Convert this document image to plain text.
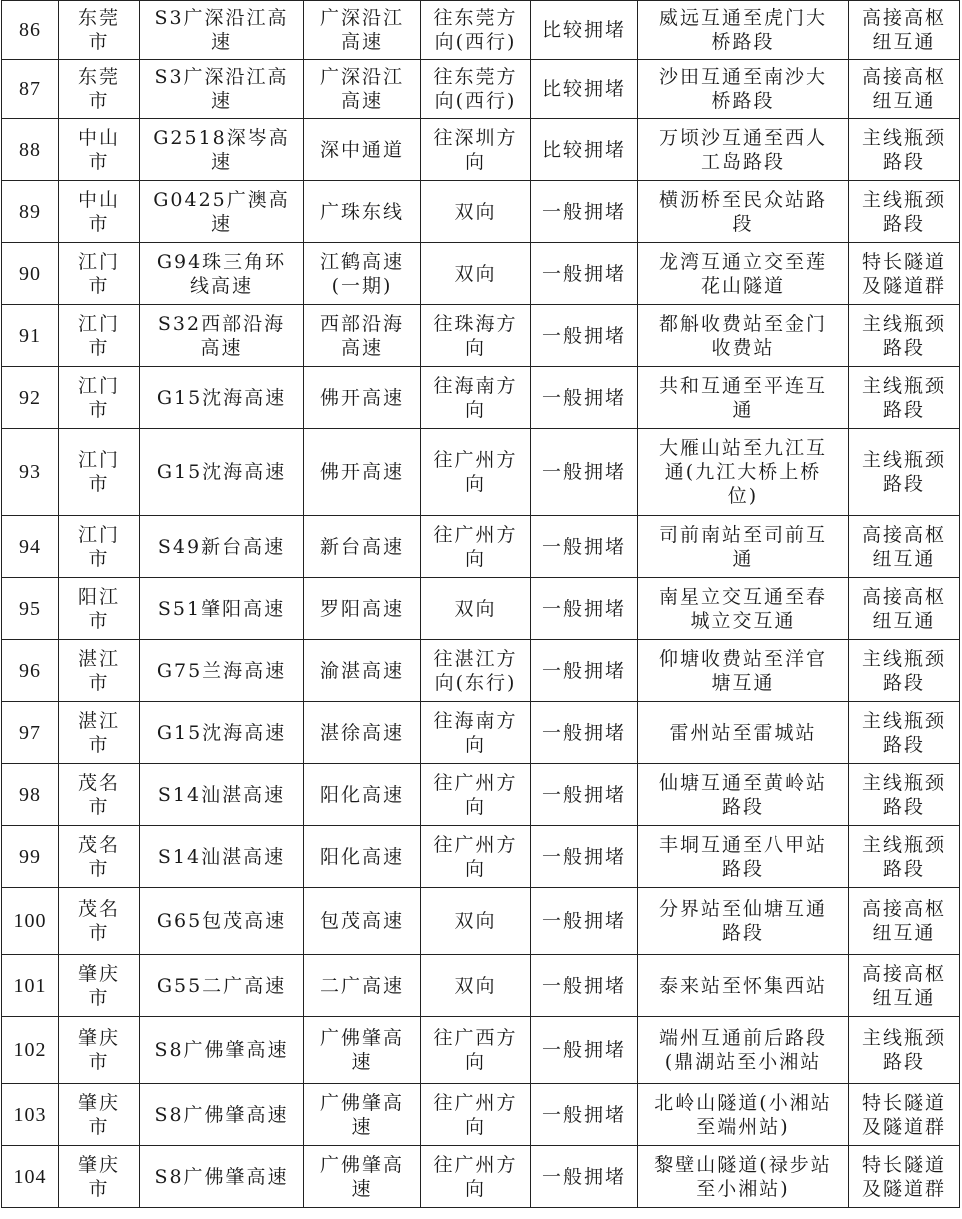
86	东莞市	S3广深沿江高速	广深沿江高速	往东莞方向(西行)	比较拥堵	威远互通至虎门大桥路段	高接高枢纽互通
87	东莞市	S3广深沿江高速	广深沿江高速	往东莞方向(西行)	比较拥堵	沙田互通至南沙大桥路段	高接高枢纽互通
88	中山市	G2518深岑高速	深中通道	往深圳方向	比较拥堵	万顷沙互通至西人工岛路段	主线瓶颈路段
89	中山市	G0425广澳高速	广珠东线	双向	一般拥堵	横沥桥至民众站路段	主线瓶颈路段
90	江门市	G94珠三角环线高速	江鹤高速(一期)	双向	一般拥堵	龙湾互通立交至莲花山隧道	特长隧道及隧道群
91	江门市	S32西部沿海高速	西部沿海高速	往珠海方向	一般拥堵	都斛收费站至金门收费站	主线瓶颈路段
92	江门市	G15沈海高速	佛开高速	往海南方向	一般拥堵	共和互通至平连互通	主线瓶颈路段
93	江门市	G15沈海高速	佛开高速	往广州方向	一般拥堵	大雁山站至九江互通(九江大桥上桥位)	主线瓶颈路段
94	江门市	S49新台高速	新台高速	往广州方向	一般拥堵	司前南站至司前互通	高接高枢纽互通
95	阳江市	S51肇阳高速	罗阳高速	双向	一般拥堵	南星立交互通至春城立交互通	高接高枢纽互通
96	湛江市	G75兰海高速	渝湛高速	往湛江方向(东行)	一般拥堵	仰塘收费站至洋官塘互通	主线瓶颈路段
97	湛江市	G15沈海高速	湛徐高速	往海南方向	一般拥堵	雷州站至雷城站	主线瓶颈路段
98	茂名市	S14汕湛高速	阳化高速	往广州方向	一般拥堵	仙塘互通至黄岭站路段	主线瓶颈路段
99	茂名市	S14汕湛高速	阳化高速	往广州方向	一般拥堵	丰垌互通至八甲站路段	主线瓶颈路段
100	茂名市	G65包茂高速	包茂高速	双向	一般拥堵	分界站至仙塘互通路段	高接高枢纽互通
101	肇庆市	G55二广高速	二广高速	双向	一般拥堵	泰来站至怀集西站	高接高枢纽互通
102	肇庆市	S8广佛肇高速	广佛肇高速	往广西方向	一般拥堵	端州互通前后路段(鼎湖站至小湘站	主线瓶颈路段
103	肇庆市	S8广佛肇高速	广佛肇高速	往广州方向	一般拥堵	北岭山隧道(小湘站至端州站)	特长隧道及隧道群
104	肇庆市	S8广佛肇高速	广佛肇高速	往广州方向	一般拥堵	黎壁山隧道(禄步站至小湘站)	特长隧道及隧道群
